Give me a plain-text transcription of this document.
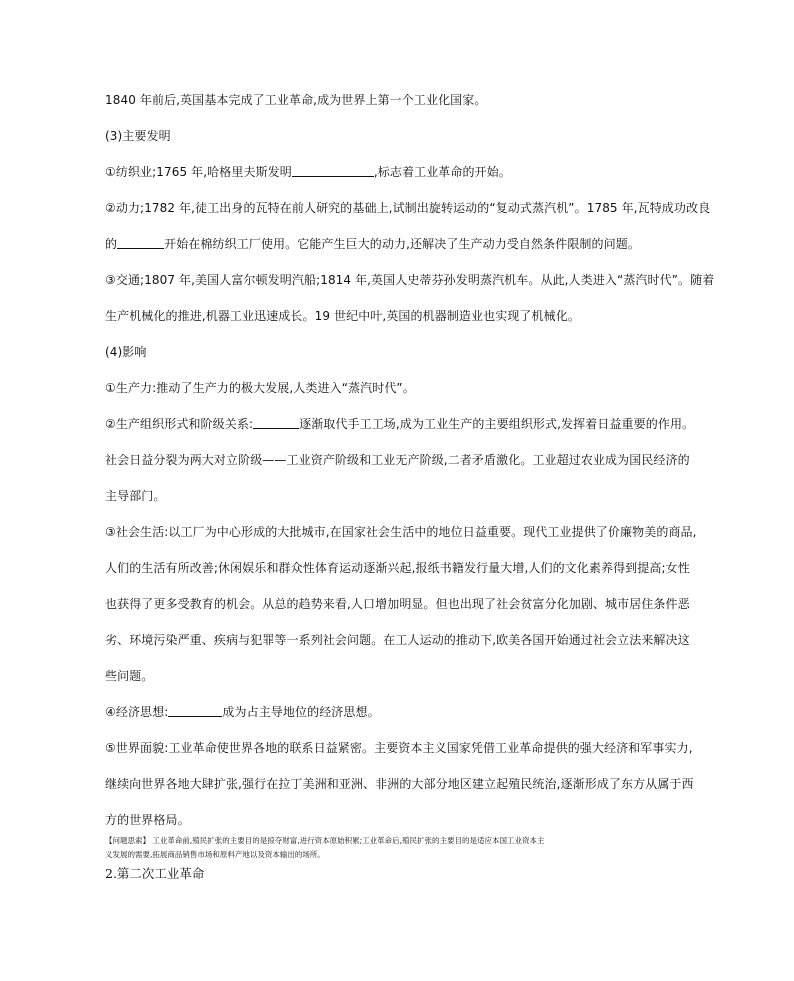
1840 年前后,英国基本完成了工业革命,成为世界上第一个工业化国家。
(3)主要发明
①纺织业;1765 年,哈格里夫斯发明	,标志着工业革命的开始。
②动力;1782 年,徒工出身的瓦特在前人研究的基础上,试制出旋转运动的“复动式蒸汽机”。1785 年,瓦特成功改良
的	开始在棉纺织工厂使用。它能产生巨大的动力,还解决了生产动力受自然条件限制的问题。
③交通;1807 年,美国人富尔顿发明汽船;1814 年,英国人史蒂芬孙发明蒸汽机车。从此,人类进入“蒸汽时代”。随着
生产机械化的推进,机器工业迅速成长。19 世纪中叶,英国的机器制造业也实现了机械化。
(4)影响
①生产力:推动了生产力的极大发展,人类进入“蒸汽时代”。
②生产组织形式和阶级关系:	逐渐取代手工工场,成为工业生产的主要组织形式,发挥着日益重要的作用。
社会日益分裂为两大对立阶级——工业资产阶级和工业无产阶级,二者矛盾激化。工业超过农业成为国民经济的
主导部门。
③社会生活:以工厂为中心形成的大批城市,在国家社会生活中的地位日益重要。现代工业提供了价廉物美的商品,
人们的生活有所改善;休闲娱乐和群众性体育运动逐渐兴起,报纸书籍发行量大增,人们的文化素养得到提高;女性
也获得了更多受教育的机会。从总的趋势来看,人口增加明显。但也出现了社会贫富分化加剧、城市居住条件恶
劣、环境污染严重、疾病与犯罪等一系列社会问题。在工人运动的推动下,欧美各国开始通过社会立法来解决这
些问题。
④经济思想:	成为占主导地位的经济思想。
⑤世界面貌:工业革命使世界各地的联系日益紧密。主要资本主义国家凭借工业革命提供的强大经济和军事实力,
继续向世界各地大肆扩张,强行在拉丁美洲和亚洲、非洲的大部分地区建立起殖民统治,逐渐形成了东方从属于西
方的世界格局。
【问题思索】 工业革命前,殖民扩张的主要目的是掠夺财富,进行资本原始积累;工业革命后,殖民扩张的主要目的是适应本国工业资本主
义发展的需要,拓展商品销售市场和原料产地以及资本输出的场所。
2.第二次工业革命
